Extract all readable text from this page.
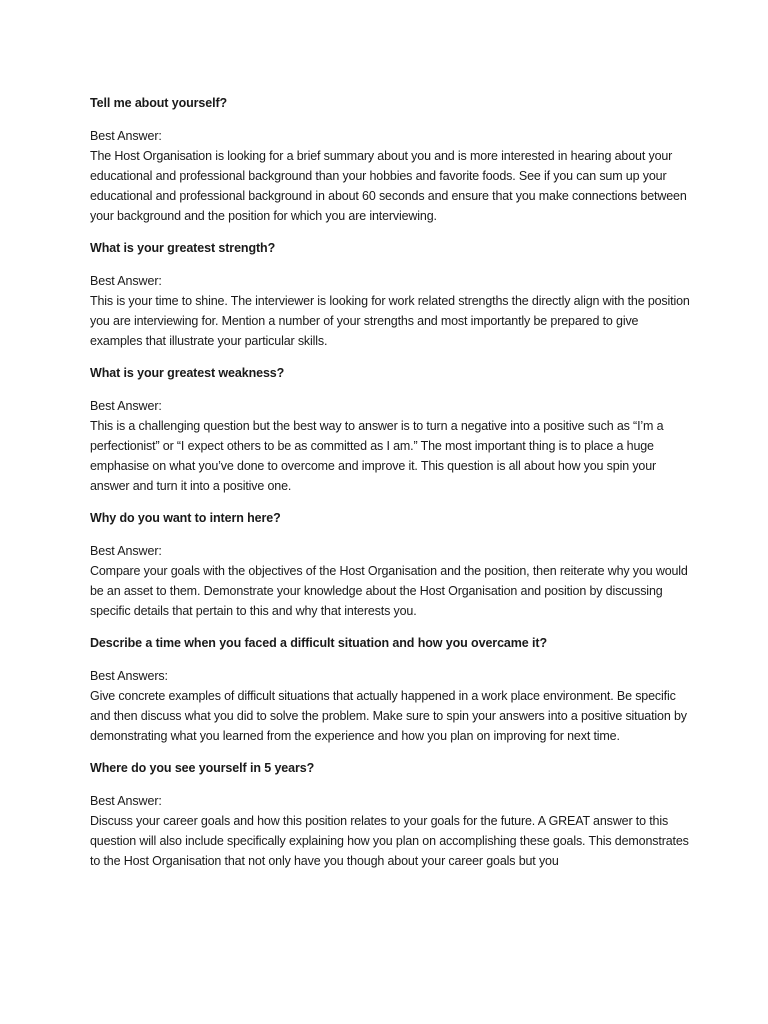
Tell me about yourself?

Best Answer:

The Host Organisation is looking for a brief summary about you and is more interested in hearing about your educational and professional background than your hobbies and favorite foods. See if you can sum up your educational and professional background in about 60 seconds and ensure that you make connections between your background and the position for which you are interviewing.

What is your greatest strength?

Best Answer:

This is your time to shine. The interviewer is looking for work related strengths the directly align with the position you are interviewing for. Mention a number of your strengths and most importantly be prepared to give examples that illustrate your particular skills.

What is your greatest weakness?

Best Answer:

This is a challenging question but the best way to answer is to turn a negative into a positive such as “I’m a perfectionist” or “I expect others to be as committed as I am.” The most important thing is to place a huge emphasise on what you’ve done to overcome and improve it. This question is all about how you spin your answer and turn it into a positive one.

Why do you want to intern here?

Best Answer:

Compare your goals with the objectives of the Host Organisation and the position, then reiterate why you would be an asset to them. Demonstrate your knowledge about the Host Organisation and position by discussing specific details that pertain to this and why that interests you.

Describe a time when you faced a difficult situation and how you overcame it?

Best Answers:

Give concrete examples of difficult situations that actually happened in a work place environment. Be specific and then discuss what you did to solve the problem. Make sure to spin your answers into a positive situation by demonstrating what you learned from the experience and how you plan on improving for next time.

Where do you see yourself in 5 years?

Best Answer:

Discuss your career goals and how this position relates to your goals for the future. A GREAT answer to this question will also include specifically explaining how you plan on accomplishing these goals. This demonstrates to the Host Organisation that not only have you though about your career goals but you
